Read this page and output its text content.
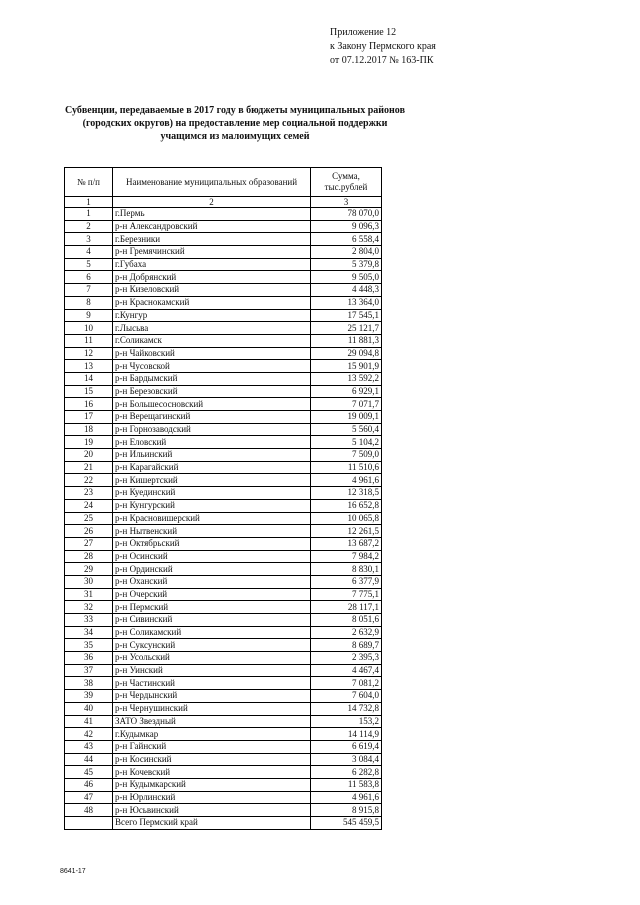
Приложение 12
к Закону Пермского края
от 07.12.2017 № 163-ПК
Субвенции, передаваемые в 2017 году в бюджеты муниципальных районов (городских округов) на предоставление мер социальной поддержки учащимся из малоимущих семей
№ п/п	Наименование муниципальных образований	Сумма, тыс.рублей
1	2	3
1	г.Пермь	78 070,0
2	р-н Александровский	9 096,3
3	г.Березники	6 558,4
4	р-н Гремячинский	2 804,0
5	г.Губаха	5 379,8
6	р-н Добрянский	9 505,0
7	р-н Кизеловский	4 448,3
8	р-н Краснокамский	13 364,0
9	г.Кунгур	17 545,1
10	г.Лысьва	25 121,7
11	г.Соликамск	11 881,3
12	р-н Чайковский	29 094,8
13	р-н Чусовской	15 901,9
14	р-н Бардымский	13 592,2
15	р-н Березовский	6 929,1
16	р-н Большесосновский	7 071,7
17	р-н Верещагинский	19 009,1
18	р-н Горнозаводский	5 560,4
19	р-н Еловский	5 104,2
20	р-н Ильинский	7 509,0
21	р-н Карагайский	11 510,6
22	р-н Кишертский	4 961,6
23	р-н Куединский	12 318,5
24	р-н Кунгурский	16 652,8
25	р-н Красновишерский	10 065,8
26	р-н Нытвенский	12 261,5
27	р-н Октябрьский	13 687,2
28	р-н Осинский	7 984,2
29	р-н Ординский	8 830,1
30	р-н Оханский	6 377,9
31	р-н Очерский	7 775,1
32	р-н Пермский	28 117,1
33	р-н Сивинский	8 051,6
34	р-н Соликамский	2 632,9
35	р-н Суксунский	8 689,7
36	р-н Усольский	2 395,3
37	р-н Уинский	4 467,4
38	р-н Частинский	7 081,2
39	р-н Чердынский	7 604,0
40	р-н Чернушинский	14 732,8
41	ЗАТО Звездный	153,2
42	г.Кудымкар	14 114,9
43	р-н Гайнский	6 619,4
44	р-н Косинский	3 084,4
45	р-н Кочевский	6 282,8
46	р-н Кудымкарский	11 583,8
47	р-н Юрлинский	4 961,6
48	р-н Юсьвинский	8 915,8
	Всего Пермский край	545 459,5
8641-17
